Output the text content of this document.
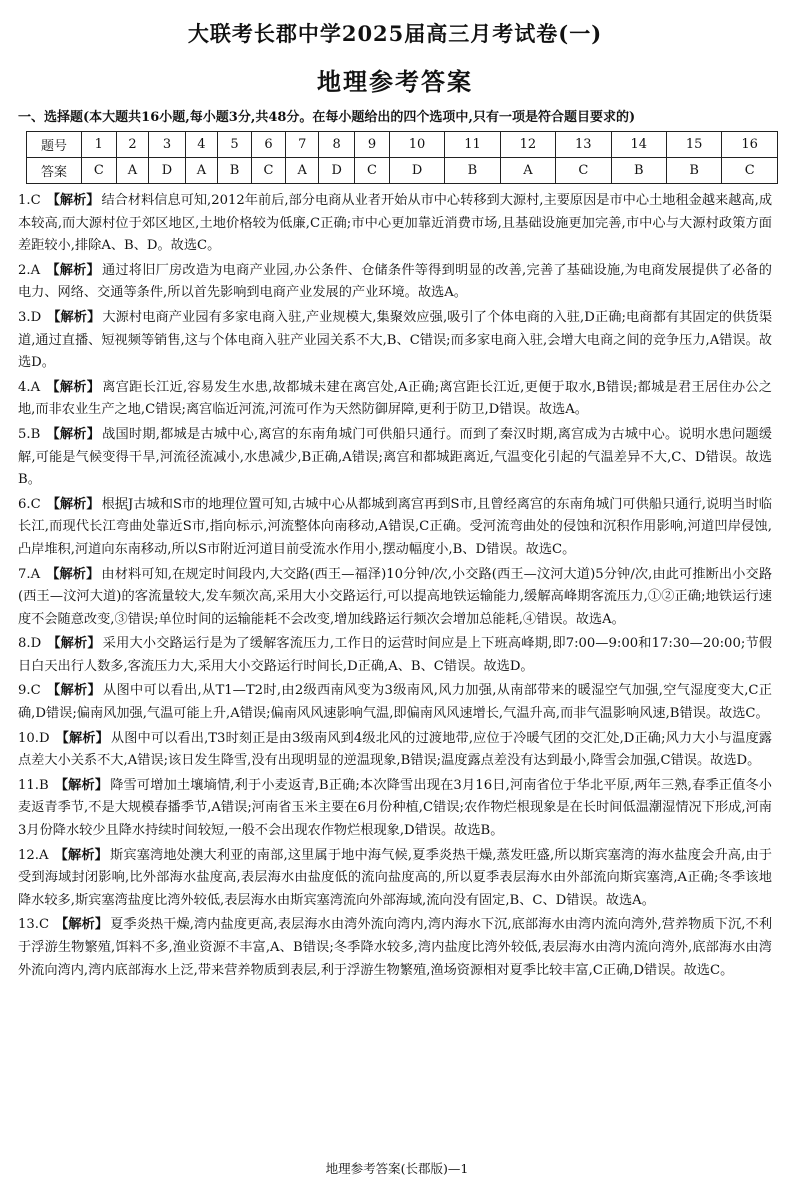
大联考长郡中学2025届高三月考试卷(一)
地理参考答案
一、选择题(本大题共16小题,每小题3分,共48分。在每小题给出的四个选项中,只有一项是符合题目要求的)
题号	1	2	3	4	5	6	7	8	9	10	11	12	13	14	15	16
答案	C	A	D	A	B	C	A	D	C	D	B	A	C	B	B	C

1.C 【解析】 结合材料信息可知,2012年前后,部分电商从业者开始从市中心转移到大源村,主要原因是市中心土地租金越来越高,成本较高,而大源村位于郊区地区,土地价格较为低廉,C正确;市中心更加靠近消费市场,且基础设施更加完善,市中心与大源村政策方面差距较小,排除A、B、D。故选C。

2.A 【解析】 通过将旧厂房改造为电商产业园,办公条件、仓储条件等得到明显的改善,完善了基础设施,为电商发展提供了必备的电力、网络、交通等条件,所以首先影响到电商产业发展的产业环境。故选A。

3.D 【解析】 大源村电商产业园有多家电商入驻,产业规模大,集聚效应强,吸引了个体电商的入驻,D正确;电商都有其固定的供货渠道,通过直播、短视频等销售,这与个体电商入驻产业园关系不大,B、C错误;而多家电商入驻,会增大电商之间的竞争压力,A错误。故选D。

4.A 【解析】 离宫距长江近,容易发生水患,故都城未建在离宫处,A正确;离宫距长江近,更便于取水,B错误;都城是君王居住办公之地,而非农业生产之地,C错误;离宫临近河流,河流可作为天然防御屏障,更利于防卫,D错误。故选A。

5.B 【解析】 战国时期,都城是古城中心,离宫的东南角城门可供船只通行。而到了秦汉时期,离宫成为古城中心。说明水患问题缓解,可能是气候变得干旱,河流径流减小,水患减少,B正确,A错误;离宫和都城距离近,气温变化引起的气温差异不大,C、D错误。故选B。

6.C 【解析】 根据J古城和S市的地理位置可知,古城中心从都城到离宫再到S市,且曾经离宫的东南角城门可供船只通行,说明当时临长江,而现代长江弯曲处靠近S市,指向标示,河流整体向南移动,A错误,C正确。受河流弯曲处的侵蚀和沉积作用影响,河道凹岸侵蚀,凸岸堆积,河道向东南移动,所以S市附近河道目前受流水作用小,摆动幅度小,B、D错误。故选C。

7.A 【解析】 由材料可知,在规定时间段内,大交路(西王—福泽)10分钟/次,小交路(西王—汶河大道)5分钟/次,由此可推断出小交路(西王—汶河大道)的客流量较大,发车频次高,采用大小交路运行,可以提高地铁运输能力,缓解高峰期客流压力,①②正确;地铁运行速度不会随意改变,③错误;单位时间的运输能耗不会改变,增加线路运行频次会增加总能耗,④错误。故选A。

8.D 【解析】 采用大小交路运行是为了缓解客流压力,工作日的运营时间应是上下班高峰期,即7:00—9:00和17:30—20:00;节假日白天出行人数多,客流压力大,采用大小交路运行时间长,D正确,A、B、C错误。故选D。

9.C 【解析】 从图中可以看出,从T1—T2时,由2级西南风变为3级南风,风力加强,从南部带来的暖湿空气加强,空气湿度变大,C正确,D错误;偏南风加强,气温可能上升,A错误;偏南风风速影响气温,即偏南风风速增长,气温升高,而非气温影响风速,B错误。故选C。

10.D 【解析】 从图中可以看出,T3时刻正是由3级南风到4级北风的过渡地带,应位于冷暖气团的交汇处,D正确;风力大小与温度露点差大小关系不大,A错误;该日发生降雪,没有出现明显的逆温现象,B错误;温度露点差没有达到最小,降雪会加强,C错误。故选D。

11.B 【解析】 降雪可增加土壤墒情,利于小麦返青,B正确;本次降雪出现在3月16日,河南省位于华北平原,两年三熟,春季正值冬小麦返青季节,不是大规模春播季节,A错误;河南省玉米主要在6月份种植,C错误;农作物烂根现象是在长时间低温潮湿情况下形成,河南3月份降水较少且降水持续时间较短,一般不会出现农作物烂根现象,D错误。故选B。

12.A 【解析】 斯宾塞湾地处澳大利亚的南部,这里属于地中海气候,夏季炎热干燥,蒸发旺盛,所以斯宾塞湾的海水盐度会升高,由于受到海域封闭影响,比外部海水盐度高,表层海水由盐度低的流向盐度高的,所以夏季表层海水由外部流向斯宾塞湾,A正确;冬季该地降水较多,斯宾塞湾盐度比湾外较低,表层海水由斯宾塞湾流向外部海域,流向没有固定,B、C、D错误。故选A。

13.C 【解析】 夏季炎热干燥,湾内盐度更高,表层海水由湾外流向湾内,湾内海水下沉,底部海水由湾内流向湾外,营养物质下沉,不利于浮游生物繁殖,饵料不多,渔业资源不丰富,A、B错误;冬季降水较多,湾内盐度比湾外较低,表层海水由湾内流向湾外,底部海水由湾外流向湾内,湾内底部海水上泛,带来营养物质到表层,利于浮游生物繁殖,渔场资源相对夏季比较丰富,C正确,D错误。故选C。

地理参考答案(长郡版)—1
